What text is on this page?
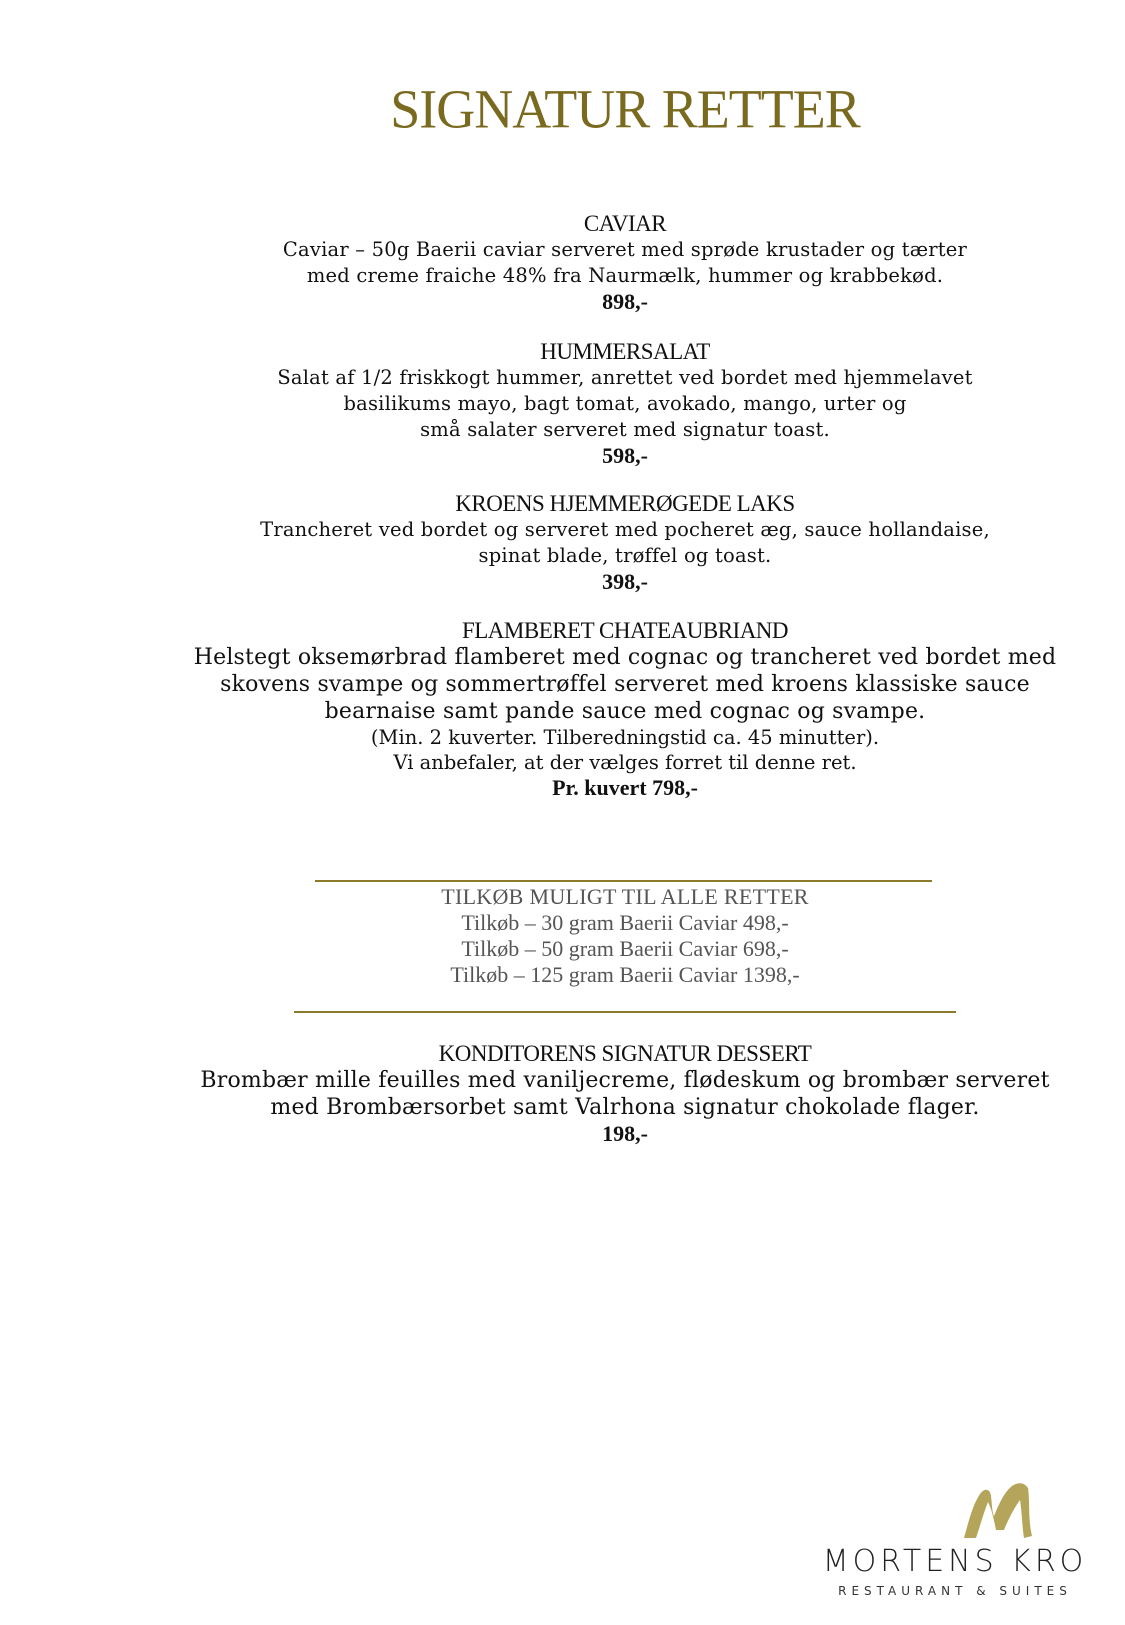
SIGNATUR RETTER
CAVIAR
Caviar – 50g Baerii caviar serveret med sprøde krustader og tærter
med creme fraiche 48% fra Naurmælk, hummer og krabbekød.
898,-
HUMMERSALAT
Salat af 1/2 friskkogt hummer, anrettet ved bordet med hjemmelavet
basilikums mayo, bagt tomat, avokado, mango, urter og
små salater serveret med signatur toast.
598,-
KROENS HJEMMERØGEDE LAKS
Trancheret ved bordet og serveret med pocheret æg, sauce hollandaise,
spinat blade, trøffel og toast.
398,-
FLAMBERET CHATEAUBRIAND
Helstegt oksemørbrad flamberet med cognac og trancheret ved bordet med
skovens svampe og sommertrøffel serveret med kroens klassiske sauce
bearnaise samt pande sauce med cognac og svampe.
(Min. 2 kuverter. Tilberedningstid ca. 45 minutter).
Vi anbefaler, at der vælges forret til denne ret.
Pr. kuvert 798,-
TILKØB MULIGT TIL ALLE RETTER
Tilkøb – 30 gram Baerii Caviar 498,-
Tilkøb – 50 gram Baerii Caviar 698,-
Tilkøb – 125 gram Baerii Caviar 1398,-
KONDITORENS SIGNATUR DESSERT
Brombær mille feuilles med vaniljecreme, flødeskum og brombær serveret
med Brombærsorbet samt Valrhona signatur chokolade flager.
198,-
MORTENS KRO
RESTAURANT & SUITES
